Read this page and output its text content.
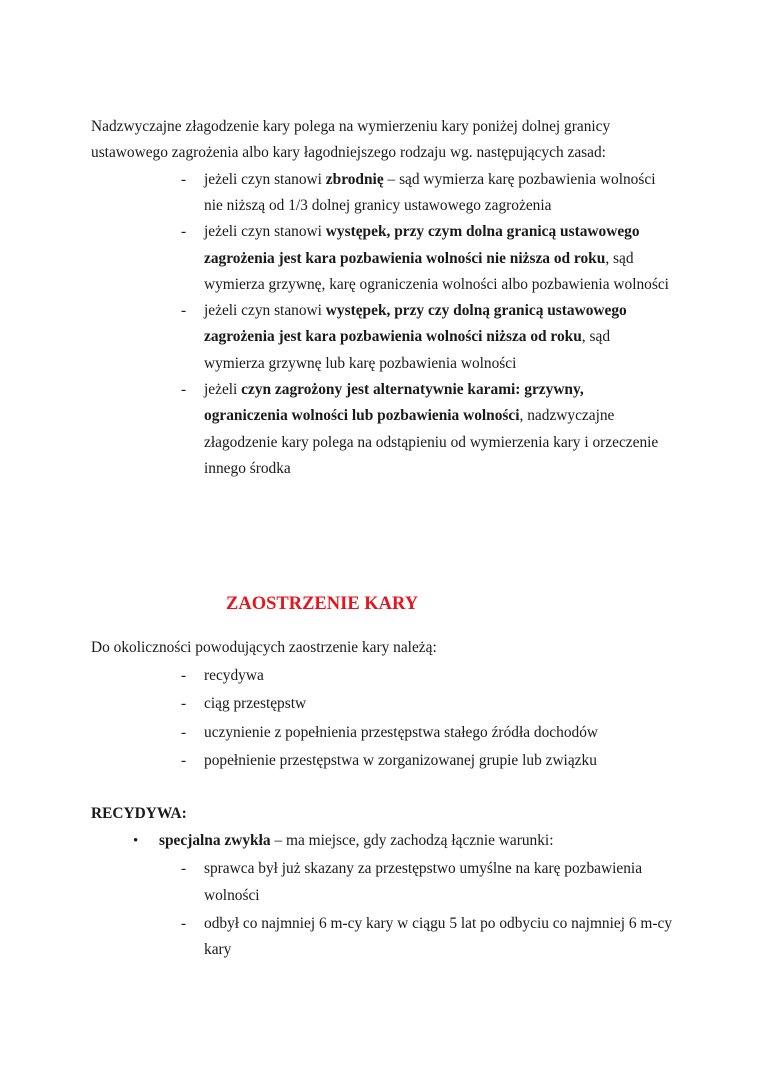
Nadzwyczajne złagodzenie kary polega na wymierzeniu kary poniżej dolnej granicy
ustawowego zagrożenia albo kary łagodniejszego rodzaju wg. następujących zasad:
- jeżeli czyn stanowi zbrodnię – sąd wymierza karę pozbawienia wolności
nie niższą od 1/3 dolnej granicy ustawowego zagrożenia
- jeżeli czyn stanowi występek, przy czym dolna granicą ustawowego
zagrożenia jest kara pozbawienia wolności nie niższa od roku, sąd
wymierza grzywnę, karę ograniczenia wolności albo pozbawienia wolności
- jeżeli czyn stanowi występek, przy czy dolną granicą ustawowego
zagrożenia jest kara pozbawienia wolności niższa od roku, sąd
wymierza grzywnę lub karę pozbawienia wolności
- jeżeli czyn zagrożony jest alternatywnie karami: grzywny,
ograniczenia wolności lub pozbawienia wolności, nadzwyczajne
złagodzenie kary polega na odstąpieniu od wymierzenia kary i orzeczenie
innego środka
ZAOSTRZENIE KARY
Do okoliczności powodujących zaostrzenie kary należą:
- recydywa
- ciąg przestępstw
- uczynienie z popełnienia przestępstwa stałego źródła dochodów
- popełnienie przestępstwa w zorganizowanej grupie lub związku
RECYDYWA:
• specjalna zwykła – ma miejsce, gdy zachodzą łącznie warunki:
- sprawca był już skazany za przestępstwo umyślne na karę pozbawienia
wolności
- odbył co najmniej 6 m-cy kary w ciągu 5 lat po odbyciu co najmniej 6 m-cy
kary
